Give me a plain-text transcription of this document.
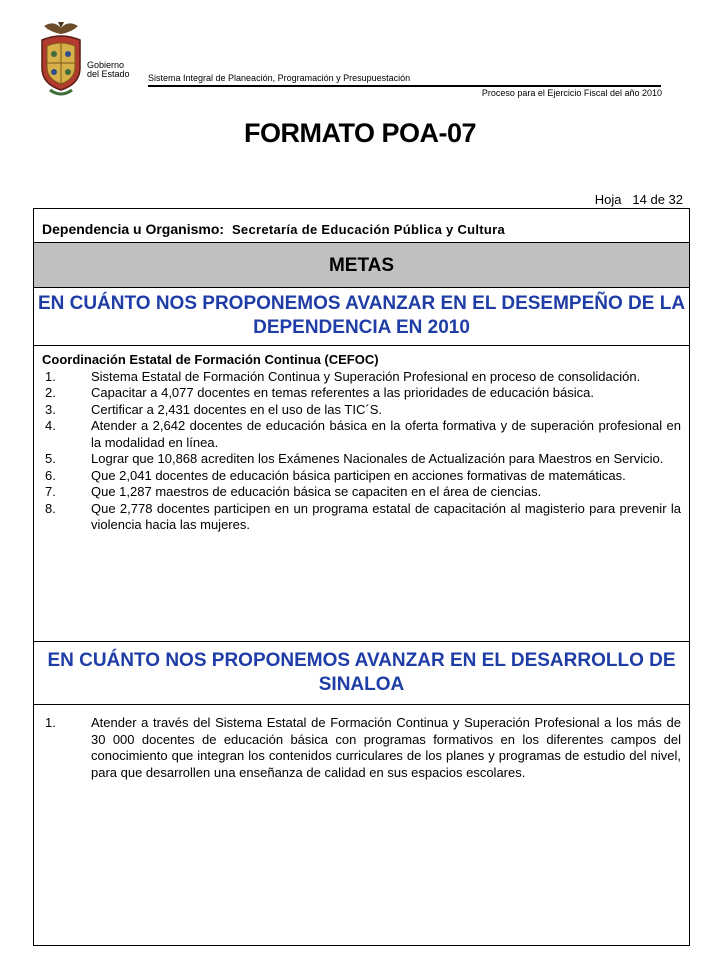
Gobierno
del Estado Sistema Integral de Planeación, Programación y Presupuestación
Proceso para el Ejercicio Fiscal del año 2010
FORMATO POA-07
Hoja 14 de 32
Dependencia u Organismo: Secretaría de Educación Pública y Cultura
METAS
EN CUÁNTO NOS PROPONEMOS AVANZAR EN EL DESEMPEÑO DE LA DEPENDENCIA EN 2010
Coordinación Estatal de Formación Continua (CEFOC)
1.	Sistema Estatal de Formación Continua y Superación Profesional en proceso de consolidación.
2.	Capacitar a 4,077 docentes en temas referentes a las prioridades de educación básica.
3.	Certificar a 2,431 docentes en el uso de las TIC´S.
4.	Atender a 2,642 docentes de educación básica en la oferta formativa y de superación profesional en la modalidad en línea.
5.	Lograr que 10,868 acrediten los Exámenes Nacionales de Actualización para Maestros en Servicio.
6.	Que 2,041 docentes de educación básica participen en acciones formativas de matemáticas.
7.	Que 1,287 maestros de educación básica se capaciten en el área de ciencias.
8.	Que 2,778 docentes participen en un programa estatal de capacitación al magisterio para prevenir la violencia hacia las mujeres.
EN CUÁNTO NOS PROPONEMOS AVANZAR EN EL DESARROLLO DE SINALOA
1.	Atender a través del Sistema Estatal de Formación Continua y Superación Profesional a los más de 30 000 docentes de educación básica con programas formativos en los diferentes campos del conocimiento que integran los contenidos curriculares de los planes y programas de estudio del nivel, para que desarrollen una enseñanza de calidad en sus espacios escolares.
